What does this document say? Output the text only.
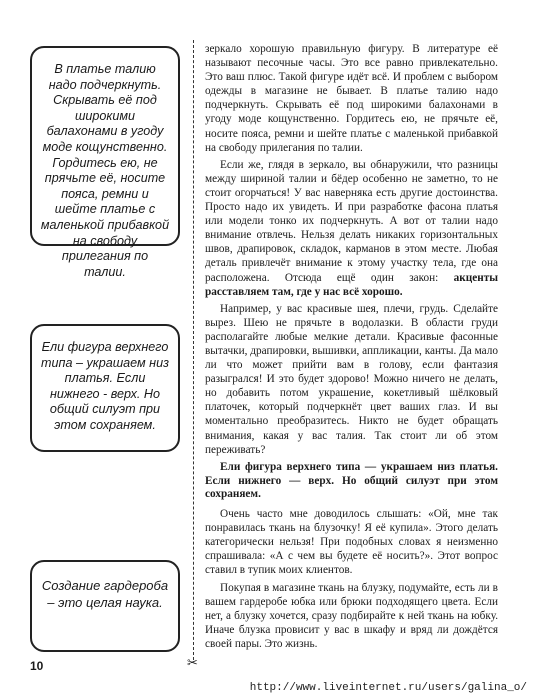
В платье талию надо подчеркнуть. Скрывать её под широкими балахонами в угоду моде кощунственно. Гордитесь ею, не прячьте её, носите пояса, ремни и шейте платье с маленькой прибавкой на свободу прилегания по талии.
Ели фигура верхнего типа – украшаем низ платья. Если нижнего - верх. Но общий силуэт при этом сохраняем.
Создание гардероба – это целая наука.
✂

зеркало хорошую правильную фигуру. В литературе её называют песочные часы. Это все равно привлекательно. Это ваш плюс. Такой фигуре идёт всё. И проблем с выбором одежды в магазине не бывает. В платье талию надо подчеркнуть. Скрывать её под широкими балахонами в угоду моде кощунственно. Гордитесь ею, не прячьте её, носите пояса, ремни и шейте платье с маленькой прибавкой на свободу прилегания по талии.

Если же, глядя в зеркало, вы обнаружили, что разницы между шириной талии и бёдер особенно не заметно, то не стоит огорчаться! У вас наверняка есть другие достоинства. Просто надо их увидеть. И при разработке фасона платья или модели тонко их подчеркнуть. А вот от талии надо внимание отвлечь. Нельзя делать никаких горизонтальных швов, драпировок, складок, карманов в этом месте. Любая деталь привлечёт внимание к этому участку тела, где она расположена. Отсюда ещё один закон: акценты расставляем там, где у нас всё хорошо.

Например, у вас красивые шея, плечи, грудь. Сделайте вырез. Шею не прячьте в водолазки. В области груди располагайте любые мелкие детали. Красивые фасонные вытачки, драпировки, вышивки, аппликации, канты. Да мало ли что может прийти вам в голову, если фантазия разыгрался! И это будет здорово! Можно ничего не делать, но добавить потом украшение, кокетливый шёлковый платочек, который подчеркнёт цвет ваших глаз. И вы моментально преобразитесь. Никто не будет обращать внимания, какая у вас талия. Так стоит ли об этом переживать?

Ели фигура верхнего типа — украшаем низ платья. Если нижнего — верх. Но общий силуэт при этом сохраняем.

Очень часто мне доводилось слышать: «Ой, мне так понравилась ткань на блузочку! Я её купила». Этого делать категорически нельзя! При подобных словах я неизменно спрашивала: «А с чем вы будете её носить?». Этот вопрос ставил в тупик моих клиентов.

Покупая в магазине ткань на блузку, подумайте, есть ли в вашем гардеробе юбка или брюки подходящего цвета. Если нет, а блузку хочется, сразу подбирайте к ней ткань на юбку. Иначе блузка провисит у вас в шкафу и вряд ли дождётся своей пары. Это жизнь.

10
http://www.liveinternet.ru/users/galina_o/
